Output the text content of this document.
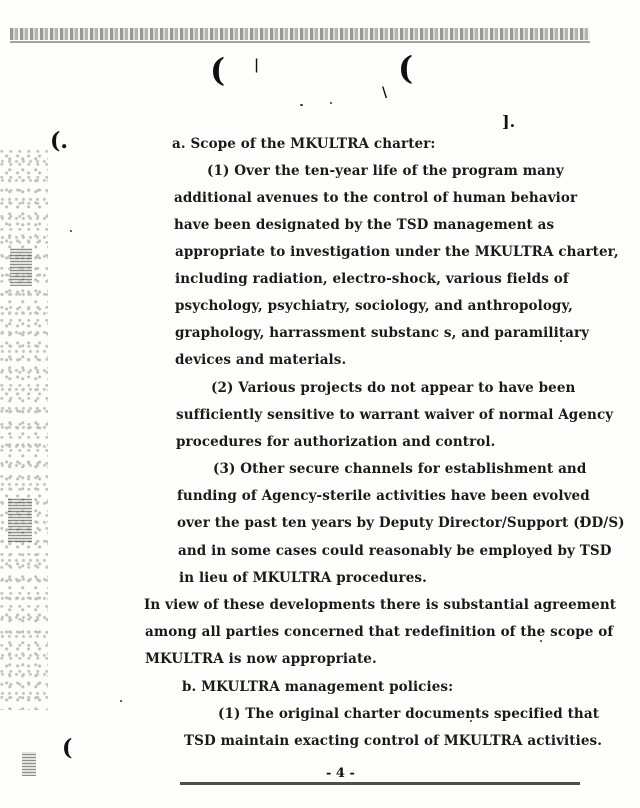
( |	(
\
].
(.
(
a. Scope of the MKULTRA charter:
(1) Over the ten-year life of the program many
additional avenues to the control of human behavior
have been designated by the TSD management as
appropriate to investigation under the MKULTRA charter,
including radiation, electro-shock, various fields of
psychology, psychiatry, sociology, and anthropology,
graphology, harrassment substanc s, and paramilitary
devices and materials.
(2) Various projects do not appear to have been
sufficiently sensitive to warrant waiver of normal Agency
procedures for authorization and control.
(3) Other secure channels for establishment and
funding of Agency-sterile activities have been evolved
over the past ten years by Deputy Director/Support (DD/S)
and in some cases could reasonably be employed by TSD
in lieu of MKULTRA procedures.
In view of these developments there is substantial agreement
among all parties concerned that redefinition of the scope of
MKULTRA is now appropriate.
b. MKULTRA management policies:
(1) The original charter documents specified that
TSD maintain exacting control of MKULTRA activities.
- 4 -
